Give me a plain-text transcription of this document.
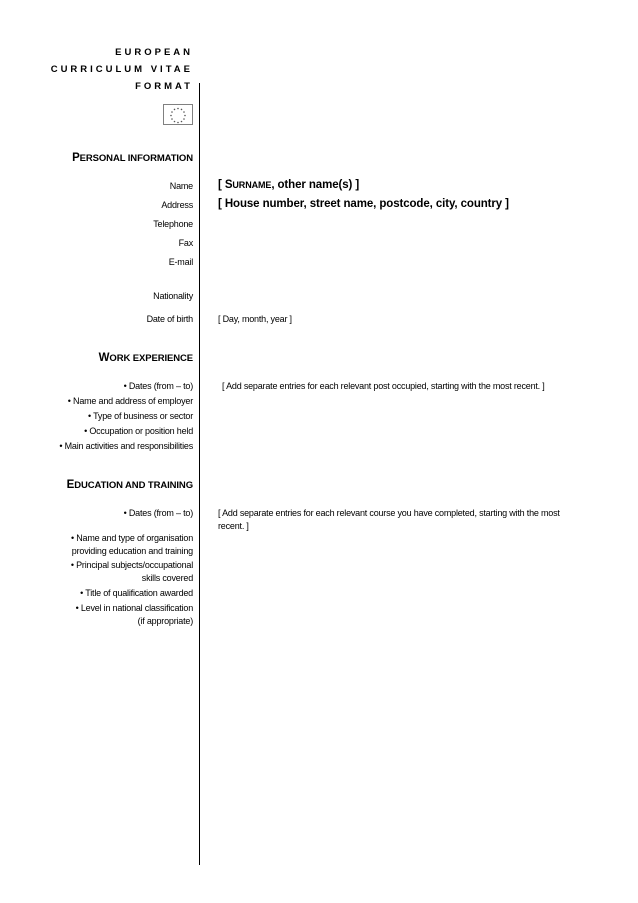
EUROPEAN
CURRICULUM VITAE
FORMAT
PERSONAL INFORMATION
Name
Address
Telephone
Fax
E-mail
Nationality
Date of birth
[ SURNAME, other name(s) ]
[ House number, street name, postcode, city, country ]
[ Day, month, year ]
WORK EXPERIENCE
• Dates (from – to)
• Name and address of employer
• Type of business or sector
• Occupation or position held
• Main activities and responsibilities
[ Add separate entries for each relevant post occupied, starting with the most recent. ]
EDUCATION AND TRAINING
• Dates (from – to)
• Name and type of organisation
providing education and training
• Principal subjects/occupational
skills covered
• Title of qualification awarded
• Level in national classification
(if appropriate)
[ Add separate entries for each relevant course you have completed, starting with the most
recent. ]
